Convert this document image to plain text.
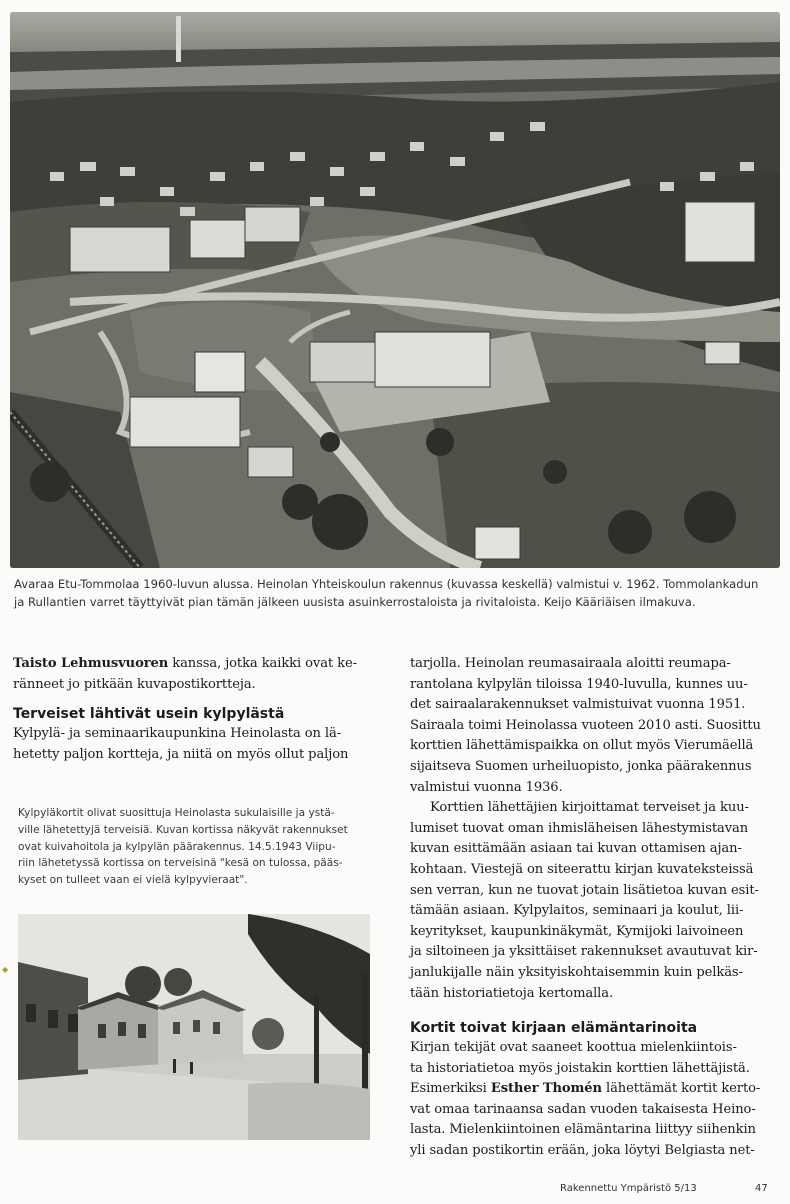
Avaraa Etu-Tommolaa 1960-luvun alussa. Heinolan Yhteiskoulun rakennus (kuvassa keskellä) valmistui v. 1962. Tommolankadun
ja Rullantien varret täyttyivät pian tämän jälkeen uusista asuinkerrostaloista ja rivitaloista. Keijo Kääriäisen ilmakuva.

Taisto Lehmusvuoren kanssa, jotka kaikki ovat ke-
ränneet jo pitkään kuvapostikortteja.

Terveiset lähtivät usein kylpylästä

Kylpylä- ja seminaarikaupunkina Heinolasta on lä-
hetetty paljon kortteja, ja niitä on myös ollut paljon

Kylpyläkortit olivat suosittuja Heinolasta sukulaisille ja ystä-
ville lähetettyjä terveisiä. Kuvan kortissa näkyvät rakennukset
ovat kuivahoitola ja kylpylän päärakennus. 14.5.1943 Viipu-
riin lähetetyssä kortissa on terveisinä "kesä on tulossa, pääs-
kyset on tulleet vaan ei vielä kylpyvieraat".
◆

tarjolla. Heinolan reumasairaala aloitti reumapa-
rantolana kylpylän tiloissa 1940-luvulla, kunnes uu-
det sairaalarakennukset valmistuivat vuonna 1951.
Sairaala toimi Heinolassa vuoteen 2010 asti. Suosittu
korttien lähettämispaikka on ollut myös Vierumäellä
sijaitseva Suomen urheiluopisto, jonka päärakennus
valmistui vuonna 1936.

Korttien lähettäjien kirjoittamat terveiset ja kuu-
lumiset tuovat oman ihmisläheisen lähestymistavan
kuvan esittämään asiaan tai kuvan ottamisen ajan-
kohtaan. Viestejä on siteerattu kirjan kuvateksteissä
sen verran, kun ne tuovat jotain lisätietoa kuvan esit-
tämään asiaan. Kylpylaitos, seminaari ja koulut, lii-
keyritykset, kaupunkinäkymät, Kymijoki laivoineen
ja siltoineen ja yksittäiset rakennukset avautuvat kir-
janlukijalle näin yksityiskohtaisemmin kuin pelkäs-
tään historiatietoja kertomalla.

Kortit toivat kirjaan elämäntarinoita

Kirjan tekijät ovat saaneet koottua mielenkiintois-
ta historiatietoa myös joistakin korttien lähettäjistä.
Esimerkiksi Esther Thomén lähettämät kortit kerto-
vat omaa tarinaansa sadan vuoden takaisesta Heino-
lasta. Mielenkiintoinen elämäntarina liittyy siihenkin
yli sadan postikortin erään, joka löytyi Belgiasta net-

Rakennettu Ympäristö 5/13	47
